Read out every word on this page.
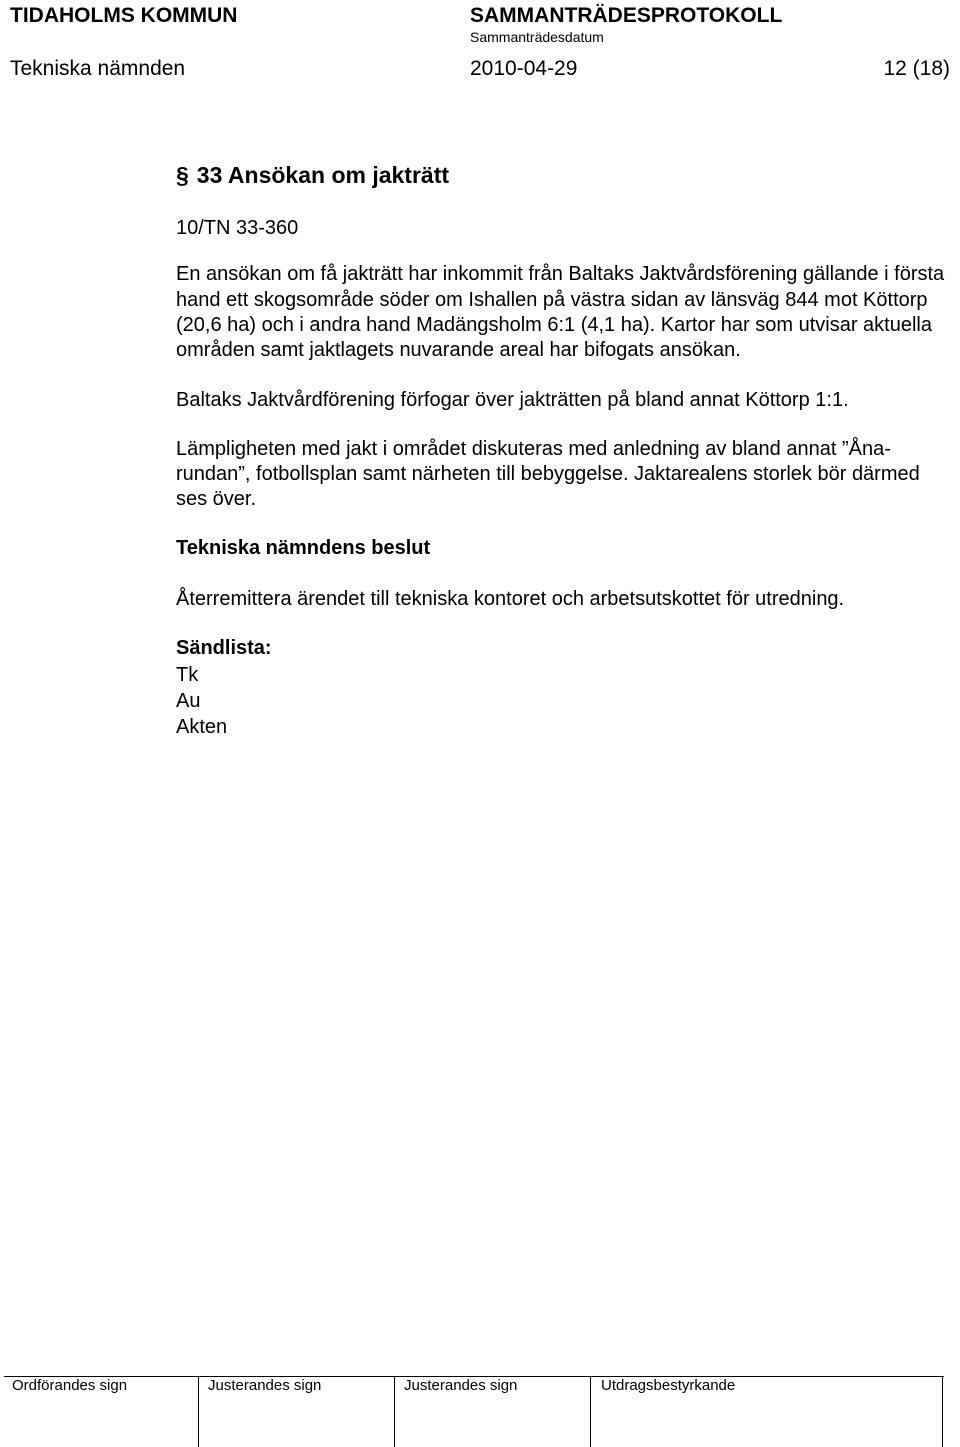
TIDAHOLMS KOMMUN	SAMMANTRÄDESPROTOKOLL
Sammanträdesdatum
Tekniska nämnden	2010-04-29	12 (18)
§ 33 Ansökan om jakträtt
10/TN 33-360
En ansökan om få jakträtt har inkommit från Baltaks Jaktvårdsförening gällande i första hand ett skogsområde söder om Ishallen på västra sidan av länsväg 844 mot Köttorp (20,6 ha) och i andra hand Madängsholm 6:1 (4,1 ha). Kartor har som utvisar aktuella områden samt jaktlagets nuvarande areal har bifogats ansökan.
Baltaks Jaktvårdförening förfogar över jakträtten på bland annat Köttorp 1:1.
Lämpligheten med jakt i området diskuteras med anledning av bland annat ”Åna-rundan”, fotbollsplan samt närheten till bebyggelse. Jaktarealens storlek bör därmed ses över.
Tekniska nämndens beslut
Återremittera ärendet till tekniska kontoret och arbetsutskottet för utredning.
Sändlista:
Tk
Au
Akten
Ordförandes sign	Justerandes sign	Justerandes sign	Utdragsbestyrkande
